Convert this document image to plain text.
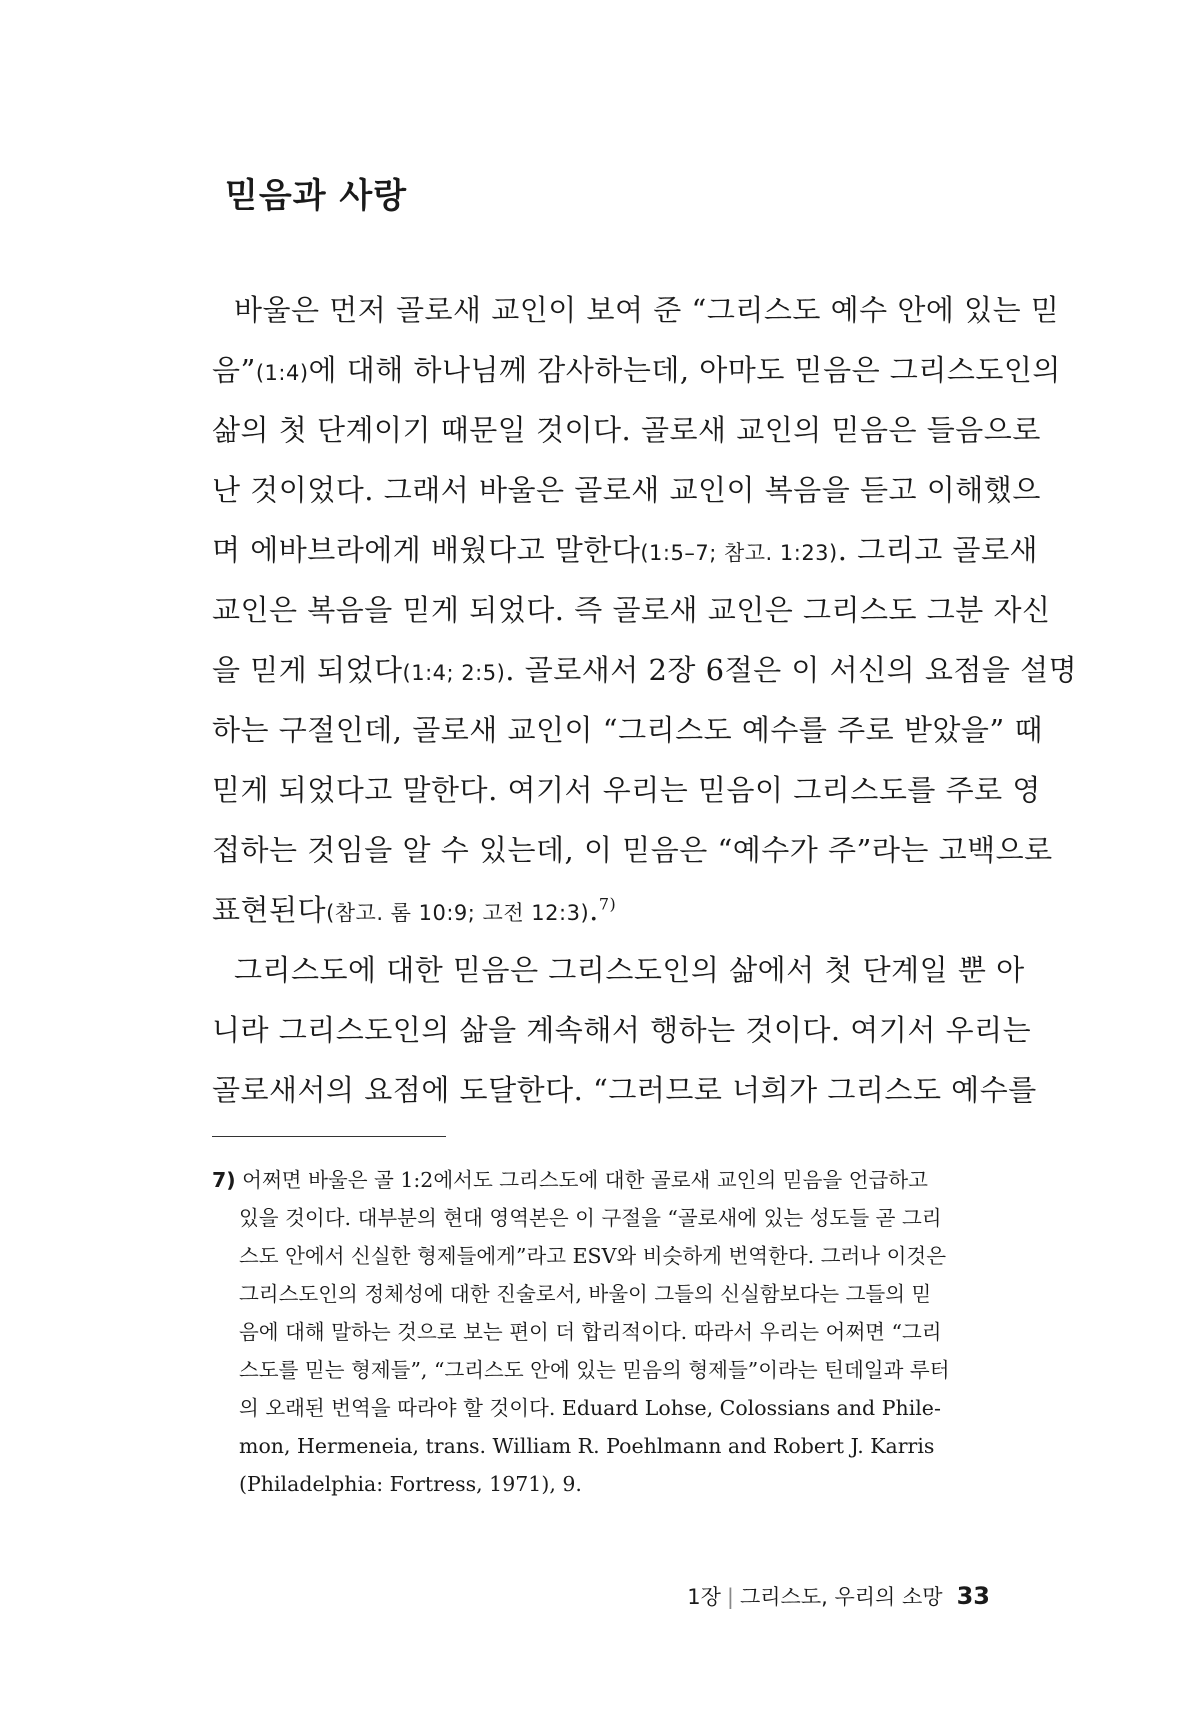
믿음과 사랑
바울은 먼저 골로새 교인이 보여 준 “그리스도 예수 안에 있는 믿
음”(1:4)에 대해 하나님께 감사하는데, 아마도 믿음은 그리스도인의
삶의 첫 단계이기 때문일 것이다. 골로새 교인의 믿음은 들음으로
난 것이었다. 그래서 바울은 골로새 교인이 복음을 듣고 이해했으
며 에바브라에게 배웠다고 말한다(1:5–7; 참고. 1:23). 그리고 골로새
교인은 복음을 믿게 되었다. 즉 골로새 교인은 그리스도 그분 자신
을 믿게 되었다(1:4; 2:5). 골로새서 2장 6절은 이 서신의 요점을 설명
하는 구절인데, 골로새 교인이 “그리스도 예수를 주로 받았을” 때
믿게 되었다고 말한다. 여기서 우리는 믿음이 그리스도를 주로 영
접하는 것임을 알 수 있는데, 이 믿음은 “예수가 주”라는 고백으로
표현된다(참고. 롬 10:9; 고전 12:3).$^{7)}$
그리스도에 대한 믿음은 그리스도인의 삶에서 첫 단계일 뿐 아
니라 그리스도인의 삶을 계속해서 행하는 것이다. 여기서 우리는
골로새서의 요점에 도달한다. “그러므로 너희가 그리스도 예수를
7) 어쩌면 바울은 골 1:2에서도 그리스도에 대한 골로새 교인의 믿음을 언급하고
있을 것이다. 대부분의 현대 영역본은 이 구절을 “골로새에 있는 성도들 곧 그리
스도 안에서 신실한 형제들에게”라고 ESV와 비슷하게 번역한다. 그러나 이것은
그리스도인의 정체성에 대한 진술로서, 바울이 그들의 신실함보다는 그들의 믿
음에 대해 말하는 것으로 보는 편이 더 합리적이다. 따라서 우리는 어쩌면 “그리
스도를 믿는 형제들”, “그리스도 안에 있는 믿음의 형제들”이라는 틴데일과 루터
의 오래된 번역을 따라야 할 것이다. Eduard Lohse, Colossians and Phile-
mon, Hermeneia, trans. William R. Poehlmann and Robert J. Karris
(Philadelphia: Fortress, 1971), 9.
1장 | 그리스도, 우리의 소망 33
